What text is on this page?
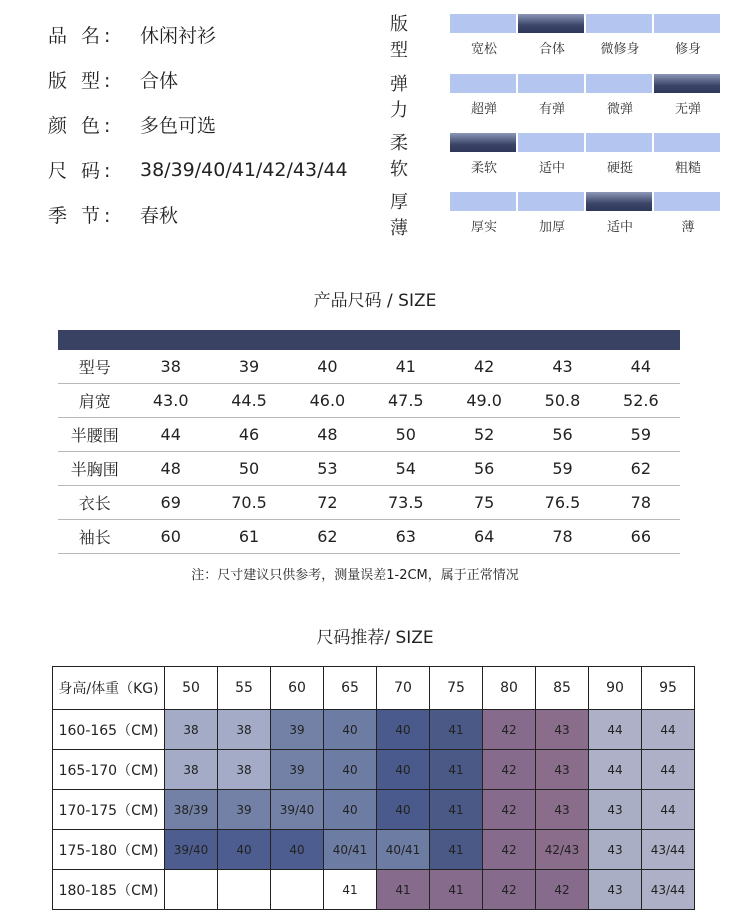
品 名:	休闲衬衫
版 型:	合体
颜 色:	多色可选
尺 码:	38/39/40/41/42/43/44
季 节:	春秋
版型	宽松	合体	微修身	修身
弹力	超弹	有弹	微弹	无弹
柔软	柔软	适中	硬挺	粗糙
厚薄	厚实	加厚	适中	薄
产品尺码 / SIZE
型号	38	39	40	41	42	43	44
肩宽	43.0	44.5	46.0	47.5	49.0	50.8	52.6
半腰围	44	46	48	50	52	56	59
半胸围	48	50	53	54	56	59	62
衣长	69	70.5	72	73.5	75	76.5	78
袖长	60	61	62	63	64	78	66
注：尺寸建议只供参考，测量误差1-2CM，属于正常情况
尺码推荐/ SIZE
身高/体重（KG)	50	55	60	65	70	75	80	85	90	95
160-165（CM)	38	38	39	40	40	41	42	43	44	44
165-170（CM)	38	38	39	40	40	41	42	43	44	44
170-175（CM)	38/39	39	39/40	40	40	41	42	43	43	44
175-180（CM)	39/40	40	40	40/41	40/41	41	42	42/43	43	43/44
180-185（CM)				41	41	41	42	42	43	43/44
